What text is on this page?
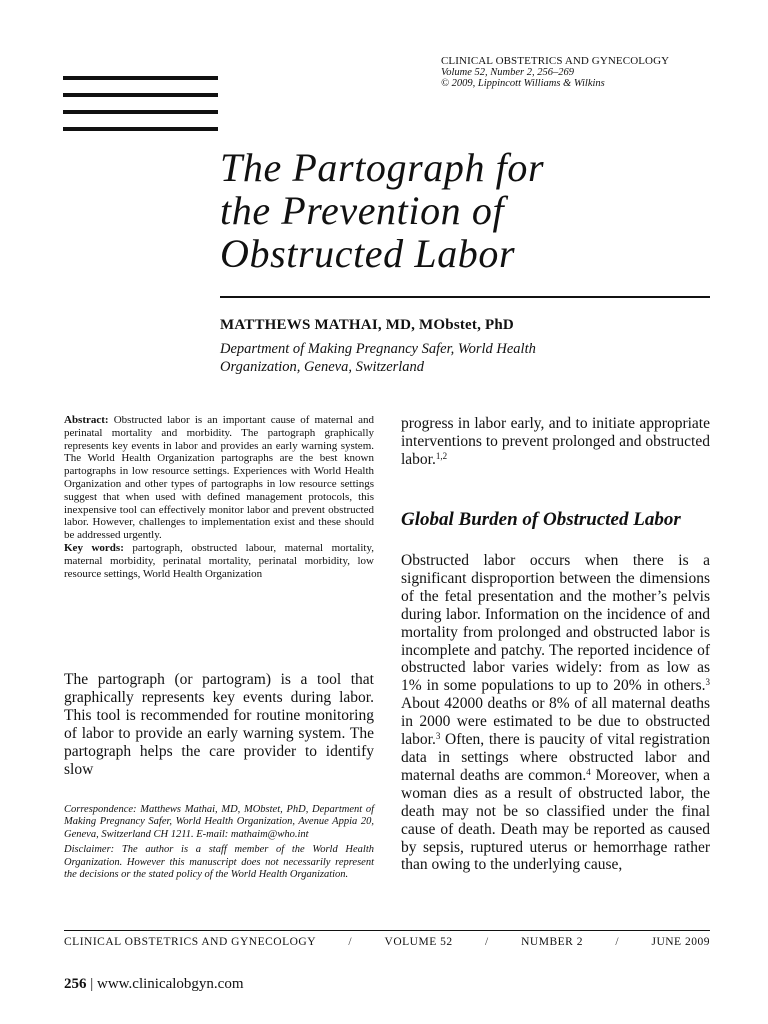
CLINICAL OBSTETRICS AND GYNECOLOGY
Volume 52, Number 2, 256–269
© 2009, Lippincott Williams & Wilkins
The Partograph for
the Prevention of
Obstructed Labor
MATTHEWS MATHAI, MD, MObstet, PhD
Department of Making Pregnancy Safer, World Health
Organization, Geneva, Switzerland
Abstract: Obstructed labor is an important cause of maternal and perinatal mortality and morbidity. The partograph graphically represents key events in labor and provides an early warning system. The World Health Organization partographs are the best known partographs in low resource settings. Experiences with World Health Organization and other types of partographs in low resource settings suggest that when used with defined management protocols, this inexpensive tool can effectively monitor labor and prevent obstructed labor. However, challenges to implementation exist and these should be addressed urgently.
Key words: partograph, obstructed labour, maternal mortality, maternal morbidity, perinatal mortality, perinatal morbidity, low resource settings, World Health Organization
The partograph (or partogram) is a tool that graphically represents key events during labor. This tool is recommended for routine monitoring of labor to provide an early warning system. The partograph helps the care provider to identify slow

Correspondence: Matthews Mathai, MD, MObstet, PhD, Department of Making Pregnancy Safer, World Health Organization, Avenue Appia 20, Geneva, Switzerland CH 1211. E-mail: mathaim@who.int

Disclaimer: The author is a staff member of the World Health Organization. However this manuscript does not necessarily represent the decisions or the stated policy of the World Health Organization.

progress in labor early, and to initiate appropriate interventions to prevent prolonged and obstructed labor.$^{1,2}$
Global Burden of Obstructed Labor
Obstructed labor occurs when there is a significant disproportion between the dimensions of the fetal presentation and the mother’s pelvis during labor. Information on the incidence of and mortality from prolonged and obstructed labor is incomplete and patchy. The reported incidence of obstructed labor varies widely: from as low as 1% in some populations to up to 20% in others.$^3$ About 42000 deaths or 8% of all maternal deaths in 2000 were estimated to be due to obstructed labor.$^3$ Often, there is paucity of vital registration data in settings where obstructed labor and maternal deaths are common.$^4$ Moreover, when a woman dies as a result of obstructed labor, the death may not be so classified under the final cause of death. Death may be reported as caused by sepsis, ruptured uterus or hemorrhage rather than owing to the underlying cause,
CLINICAL OBSTETRICS AND GYNECOLOGY	/	VOLUME 52	/	NUMBER 2	/	JUNE 2009
256 | www.clinicalobgyn.com
